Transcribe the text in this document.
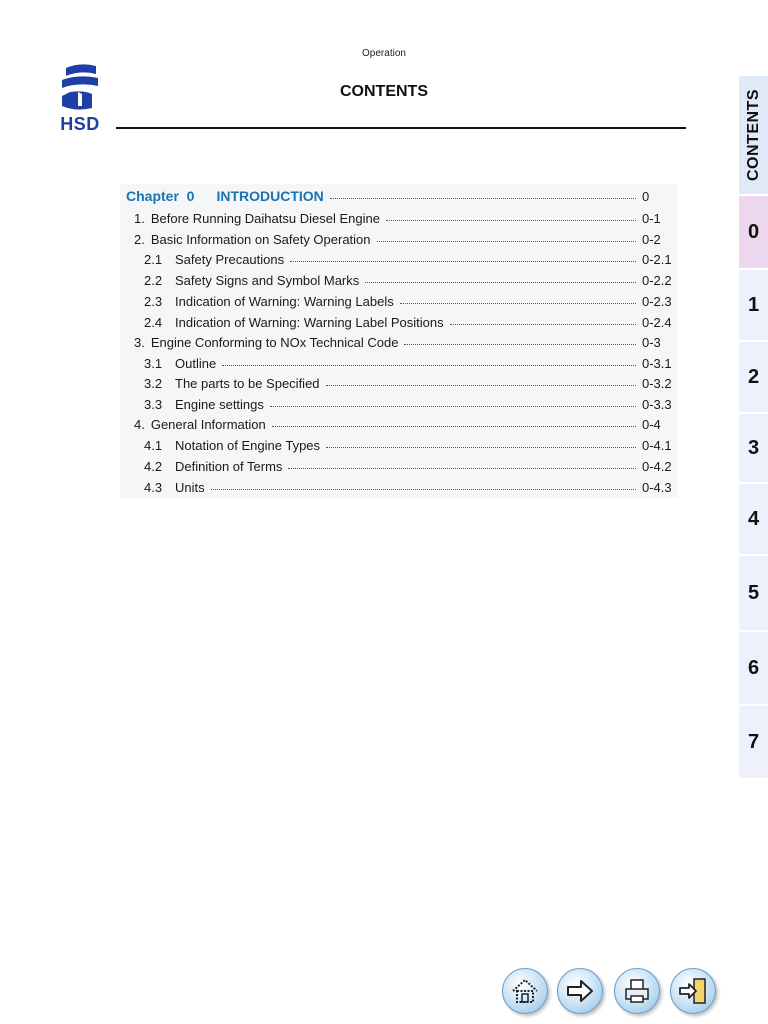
Operation
HSD
CONTENTS
Chapter  0 INTRODUCTION	0
1. Before Running Daihatsu Diesel Engine	0-1
2. Basic Information on Safety Operation	0-2
2.1 Safety Precautions	0-2.1
2.2 Safety Signs and Symbol Marks	0-2.2
2.3 Indication of Warning: Warning Labels	0-2.3
2.4 Indication of Warning: Warning Label Positions	0-2.4
3. Engine Conforming to NOx Technical Code	0-3
3.1 Outline	0-3.1
3.2 The parts to be Specified	0-3.2
3.3 Engine settings	0-3.3
4. General Information	0-4
4.1 Notation of Engine Types	0-4.1
4.2 Definition of Terms	0-4.2
4.3 Units	0-4.3
CONTENTS
0
1
2
3
4
5
6
7
